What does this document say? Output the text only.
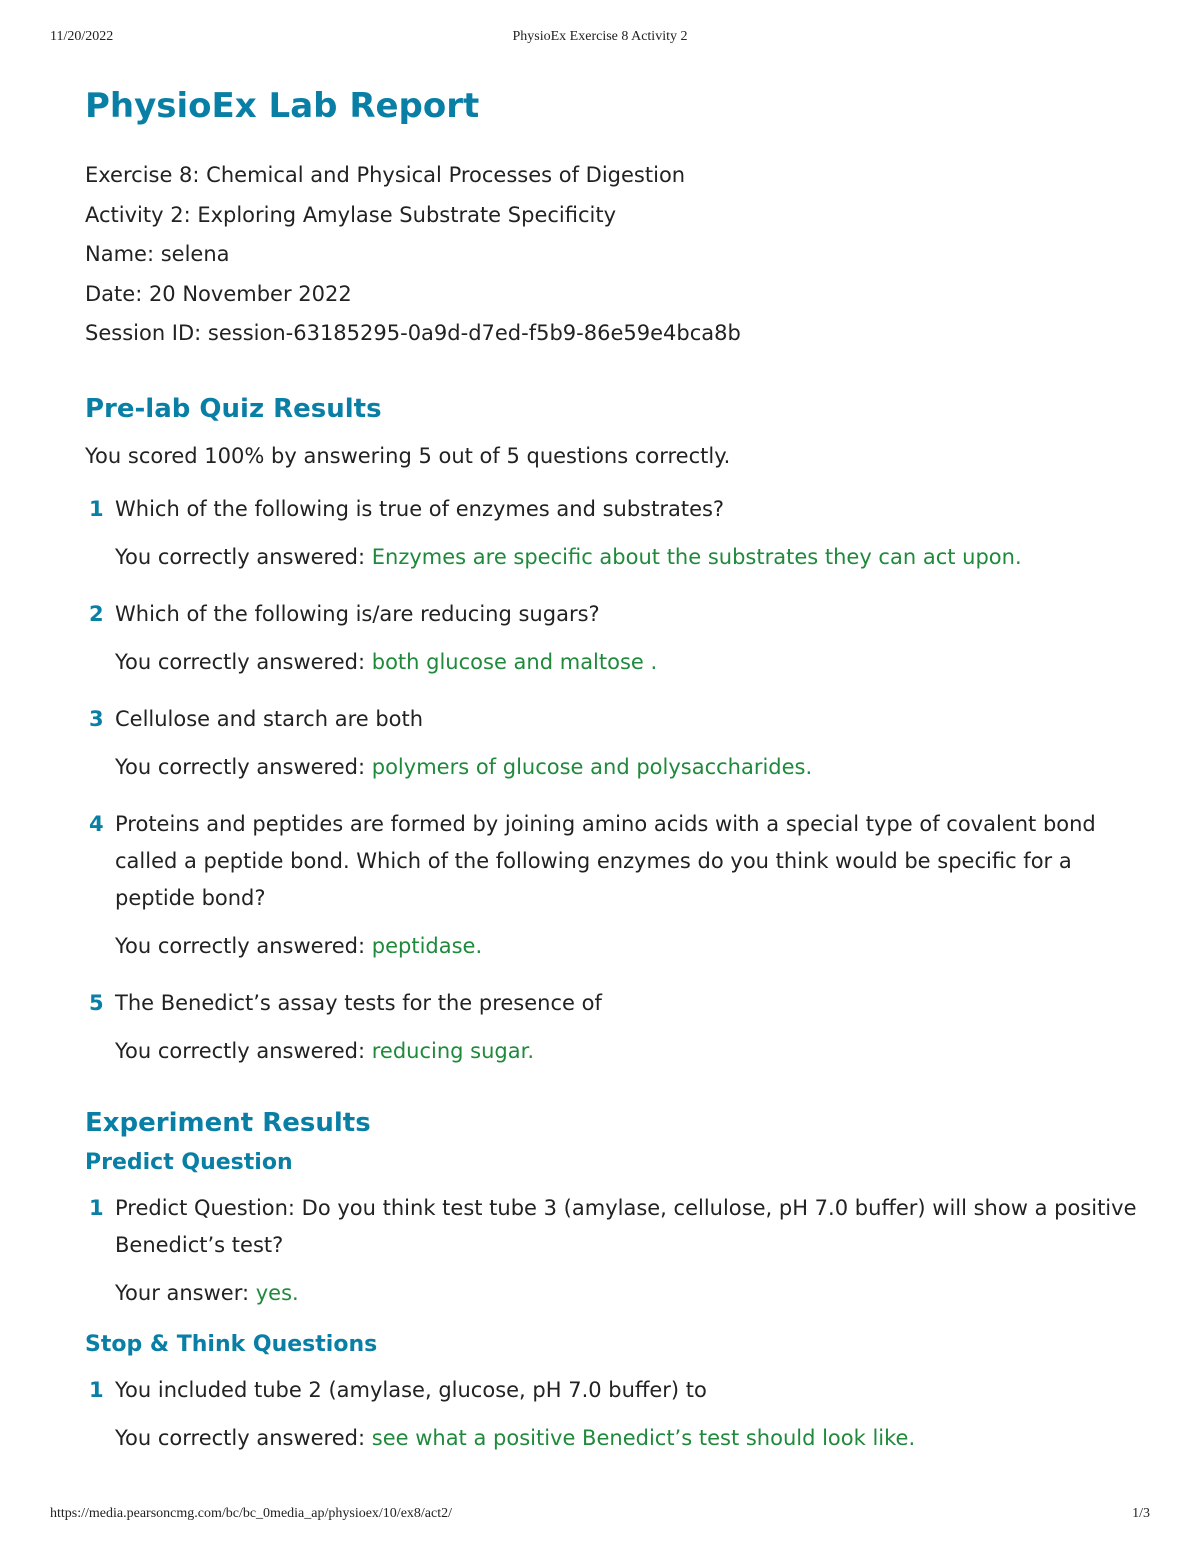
11/20/2022	PhysioEx Exercise 8 Activity 2
PhysioEx Lab Report
Exercise 8: Chemical and Physical Processes of Digestion
Activity 2: Exploring Amylase Substrate Specificity
Name: selena
Date: 20 November 2022
Session ID: session-63185295-0a9d-d7ed-f5b9-86e59e4bca8b
Pre-lab Quiz Results
You scored 100% by answering 5 out of 5 questions correctly.
1 Which of the following is true of enzymes and substrates?
You correctly answered: Enzymes are specific about the substrates they can act upon.
2 Which of the following is/are reducing sugars?
You correctly answered: both glucose and maltose .
3 Cellulose and starch are both
You correctly answered: polymers of glucose and polysaccharides.
4 Proteins and peptides are formed by joining amino acids with a special type of covalent bond called a peptide bond. Which of the following enzymes do you think would be specific for a peptide bond?
You correctly answered: peptidase.
5 The Benedict’s assay tests for the presence of
You correctly answered: reducing sugar.
Experiment Results
Predict Question
1 Predict Question: Do you think test tube 3 (amylase, cellulose, pH 7.0 buffer) will show a positive Benedict’s test?
Your answer: yes.
Stop & Think Questions
1 You included tube 2 (amylase, glucose, pH 7.0 buffer) to
You correctly answered: see what a positive Benedict’s test should look like.
https://media.pearsoncmg.com/bc/bc_0media_ap/physioex/10/ex8/act2/	1/3
